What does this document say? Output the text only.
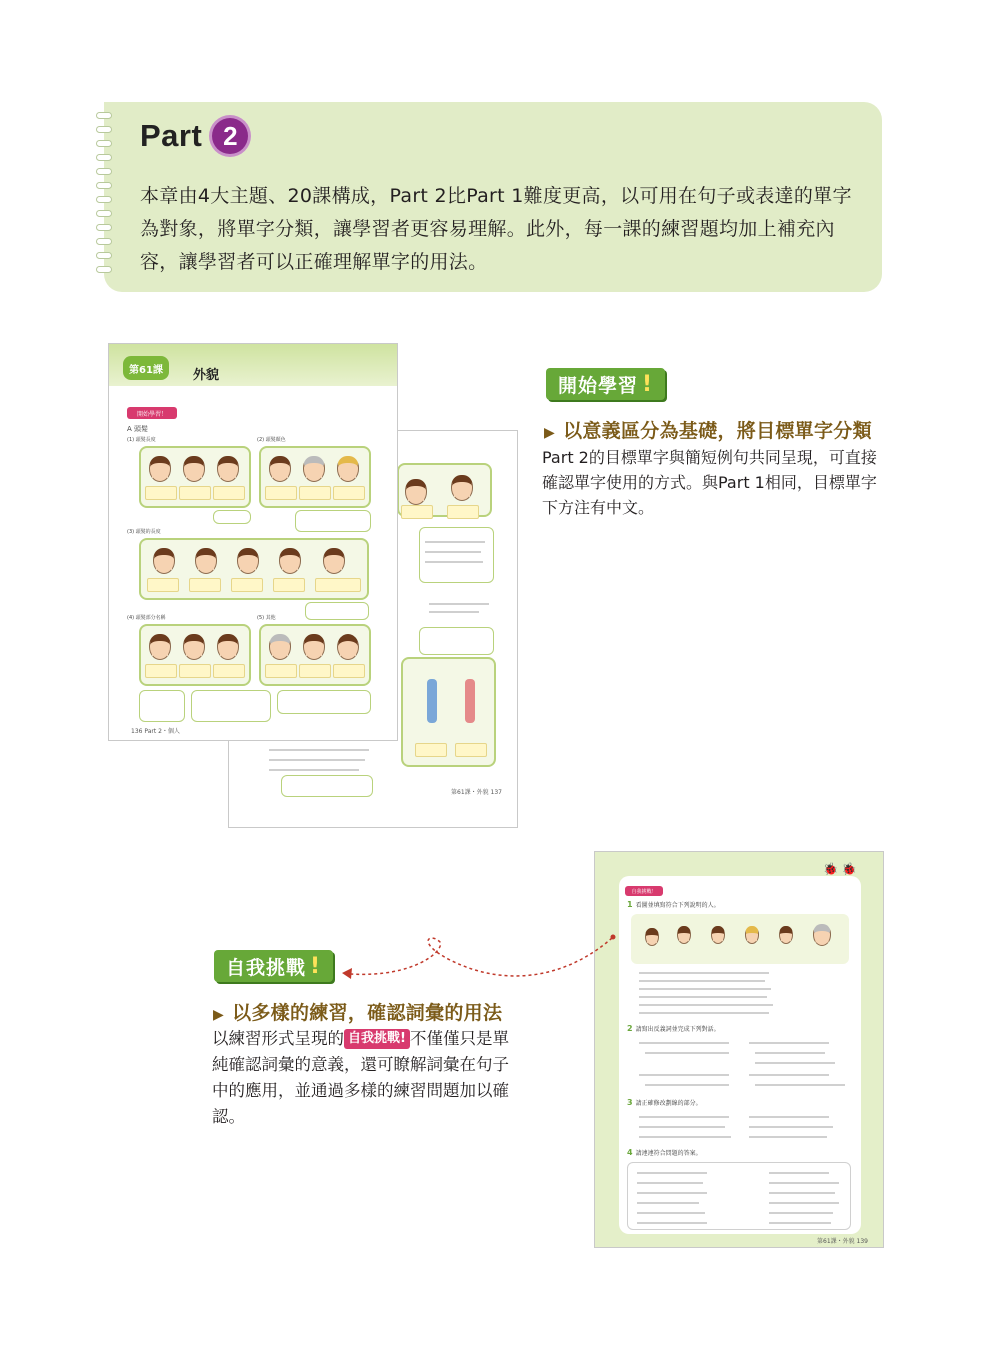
Part 2
本章由4大主題、20課構成，Part 2比Part 1難度更高，以可用在句子或表達的單字為對象，將單字分類，讓學習者更容易理解。此外，每一課的練習題均加上補充內容，讓學習者可以正確理解單字的用法。
第61課・外貌 137
第61課	外貌
開始學習！
A 頭髮
(1) 頭髮長度	(2) 頭髮顏色
(3) 頭髮的長度
(4) 頭髮部分名稱	(5) 其他
136 Part 2・個人
開始學習 !
▶ 以意義區分為基礎，將目標單字分類
Part 2的目標單字與簡短例句共同呈現，可直接確認單字使用的方式。與Part 1相同，目標單字下方注有中文。
🐞 🐞
自我挑戰！
1 看圖並填寫符合下列說明的人。
2 請寫出反義詞並完成下列對話。
3 請正確修改劃線的部分。
4 請連連符合問題的答案。
第61課・外貌 139
自我挑戰 !
▶ 以多樣的練習，確認詞彙的用法
以練習形式呈現的 自我挑戰! 不僅僅只是單純確認詞彙的意義，還可瞭解詞彙在句子中的應用，並通過多樣的練習問題加以確認。
